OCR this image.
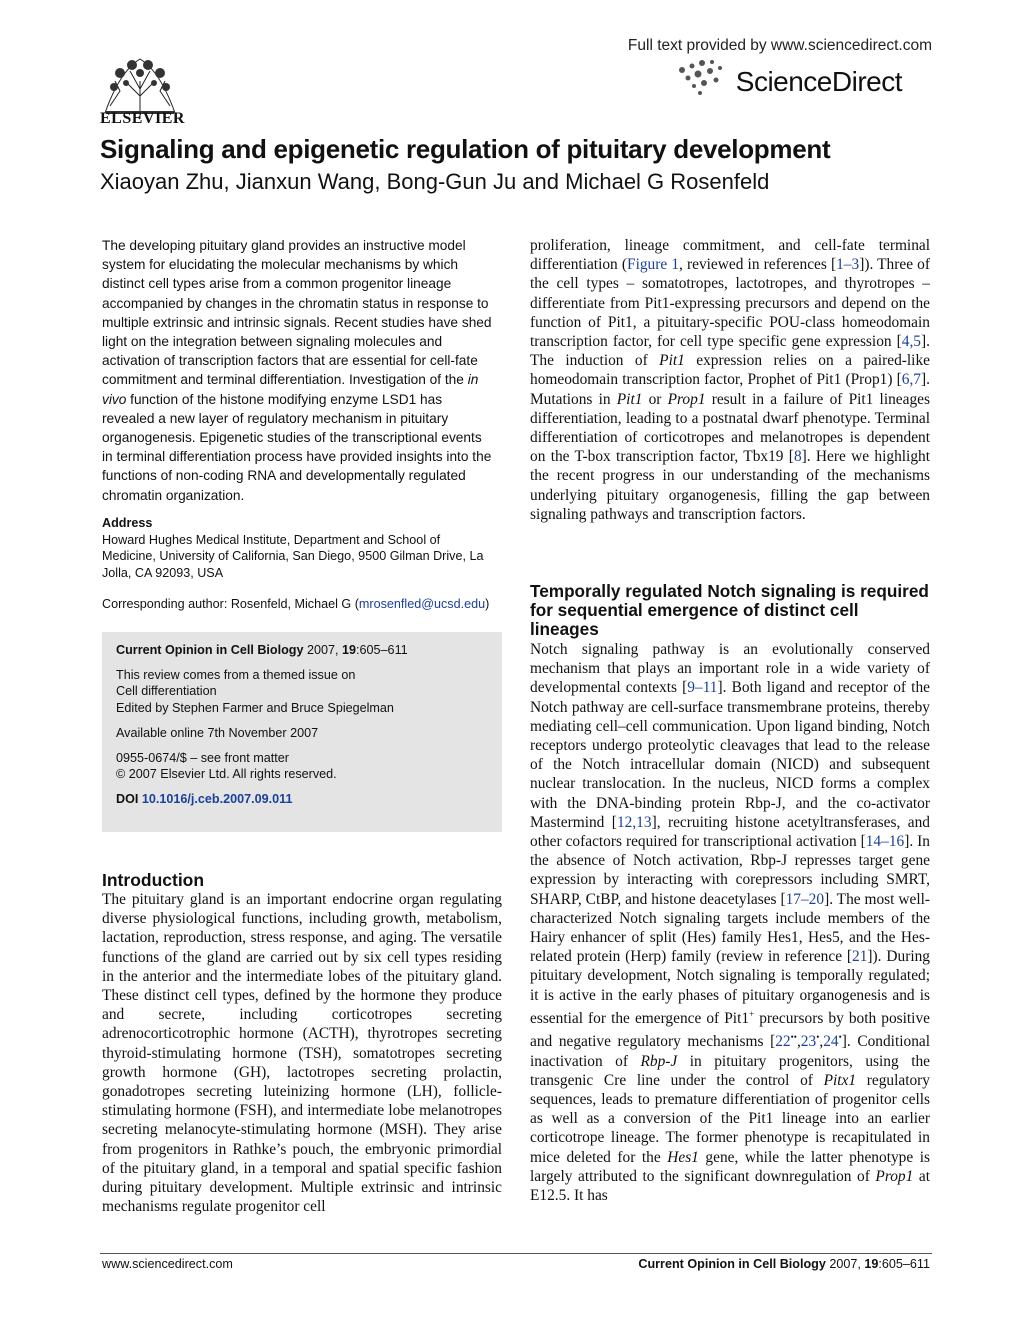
ELSEVIER
Full text provided by www.sciencedirect.com
ScienceDirect
Signaling and epigenetic regulation of pituitary development
Xiaoyan Zhu, Jianxun Wang, Bong-Gun Ju and Michael G Rosenfeld
The developing pituitary gland provides an instructive model system for elucidating the molecular mechanisms by which distinct cell types arise from a common progenitor lineage accompanied by changes in the chromatin status in response to multiple extrinsic and intrinsic signals. Recent studies have shed light on the integration between signaling molecules and activation of transcription factors that are essential for cell-fate commitment and terminal differentiation. Investigation of the in vivo function of the histone modifying enzyme LSD1 has revealed a new layer of regulatory mechanism in pituitary organogenesis. Epigenetic studies of the transcriptional events in terminal differentiation process have provided insights into the functions of non-coding RNA and developmentally regulated chromatin organization.
Address
Howard Hughes Medical Institute, Department and School of Medicine, University of California, San Diego, 9500 Gilman Drive, La Jolla, CA 92093, USA
Corresponding author: Rosenfeld, Michael G (mrosenfled@ucsd.edu)
Current Opinion in Cell Biology 2007, 19:605–611
This review comes from a themed issue on
Cell differentiation
Edited by Stephen Farmer and Bruce Spiegelman
Available online 7th November 2007
0955-0674/$ – see front matter
© 2007 Elsevier Ltd. All rights reserved.
DOI 10.1016/j.ceb.2007.09.011
Introduction
The pituitary gland is an important endocrine organ regulating diverse physiological functions, including growth, metabolism, lactation, reproduction, stress response, and aging. The versatile functions of the gland are carried out by six cell types residing in the anterior and the intermediate lobes of the pituitary gland. These distinct cell types, defined by the hormone they produce and secrete, including corticotropes secreting adrenocorticotrophic hormone (ACTH), thyrotropes secreting thyroid-stimulating hormone (TSH), somatotropes secreting growth hormone (GH), lactotropes secreting prolactin, gonadotropes secreting luteinizing hormone (LH), follicle-stimulating hormone (FSH), and intermediate lobe melanotropes secreting melanocyte-stimulating hormone (MSH). They arise from progenitors in Rathke’s pouch, the embryonic primordial of the pituitary gland, in a temporal and spatial specific fashion during pituitary development. Multiple extrinsic and intrinsic mechanisms regulate progenitor cell
proliferation, lineage commitment, and cell-fate terminal differentiation (Figure 1, reviewed in references [1–3]). Three of the cell types – somatotropes, lactotropes, and thyrotropes – differentiate from Pit1-expressing precursors and depend on the function of Pit1, a pituitary-specific POU-class homeodomain transcription factor, for cell type specific gene expression [4,5]. The induction of Pit1 expression relies on a paired-like homeodomain transcription factor, Prophet of Pit1 (Prop1) [6,7]. Mutations in Pit1 or Prop1 result in a failure of Pit1 lineages differentiation, leading to a postnatal dwarf phenotype. Terminal differentiation of corticotropes and melanotropes is dependent on the T-box transcription factor, Tbx19 [8]. Here we highlight the recent progress in our understanding of the mechanisms underlying pituitary organogenesis, filling the gap between signaling pathways and transcription factors.
Temporally regulated Notch signaling is required for sequential emergence of distinct cell lineages
Notch signaling pathway is an evolutionally conserved mechanism that plays an important role in a wide variety of developmental contexts [9–11]. Both ligand and receptor of the Notch pathway are cell-surface transmembrane proteins, thereby mediating cell–cell communication. Upon ligand binding, Notch receptors undergo proteolytic cleavages that lead to the release of the Notch intracellular domain (NICD) and subsequent nuclear translocation. In the nucleus, NICD forms a complex with the DNA-binding protein Rbp-J, and the co-activator Mastermind [12,13], recruiting histone acetyltransferases, and other cofactors required for transcriptional activation [14–16]. In the absence of Notch activation, Rbp-J represses target gene expression by interacting with corepressors including SMRT, SHARP, CtBP, and histone deacetylases [17–20]. The most well-characterized Notch signaling targets include members of the Hairy enhancer of split (Hes) family Hes1, Hes5, and the Hes-related protein (Herp) family (review in reference [21]). During pituitary development, Notch signaling is temporally regulated; it is active in the early phases of pituitary organogenesis and is essential for the emergence of Pit1+ precursors by both positive and negative regulatory mechanisms [22••,23•,24•]. Conditional inactivation of Rbp-J in pituitary progenitors, using the transgenic Cre line under the control of Pitx1 regulatory sequences, leads to premature differentiation of progenitor cells as well as a conversion of the Pit1 lineage into an earlier corticotrope lineage. The former phenotype is recapitulated in mice deleted for the Hes1 gene, while the latter phenotype is largely attributed to the significant downregulation of Prop1 at E12.5. It has
www.sciencedirect.com	Current Opinion in Cell Biology 2007, 19:605–611
